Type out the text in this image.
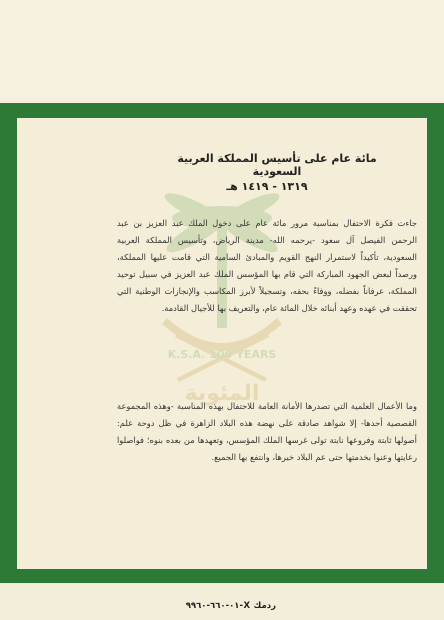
المئوية
K.S.A. 100 YEARS
مائة عام على تأسيس المملكة العربية السعودية
١٣١٩ - ١٤١٩ هـ
جاءت فكرة الاحتفال بمناسبة مرور مائة عام على دخول الملك عبد العزيز بن عبد الرحمن الفيصل آل سعود -يرحمه الله- مدينة الرياض، وتأسيس المملكة العربية السعودية، تأكيداً لاستمرار النهج القويم والمبادئ السامية التي قامت عليها المملكة، ورصداً لبعض الجهود المباركة التي قام بها المؤسس الملك عبد العزيز في سبيل توحيد المملكة، عرفاناً بفضله، ووفاءً بحقه، وتسجيلاً لأبرز المكاسب والإنجازات الوطنية التي تحققت في عهده وعهد أبنائه خلال المائة عام، والتعريف بها للأجيال القادمة.
وما الأعمال العلمية التي تصدرها الأمانة العامة للاحتفال بهذه المناسبة -وهذه المجموعة القصصية أحدها- إلا شواهد صادقة على نهضة هذه البلاد الزاهرة في ظل دوحة علم: أصولها ثابتة وفروعها نابتة تولى غرسها الملك المؤسس، وتعهدها من بعده بنوه؛ فواصلوا رعايتها وعنوا بخدمتها حتى عم البلاد خيرها، وانتفع بها الجميع.
ردمك X-٠١-٦٦٠-٩٩٦٠
